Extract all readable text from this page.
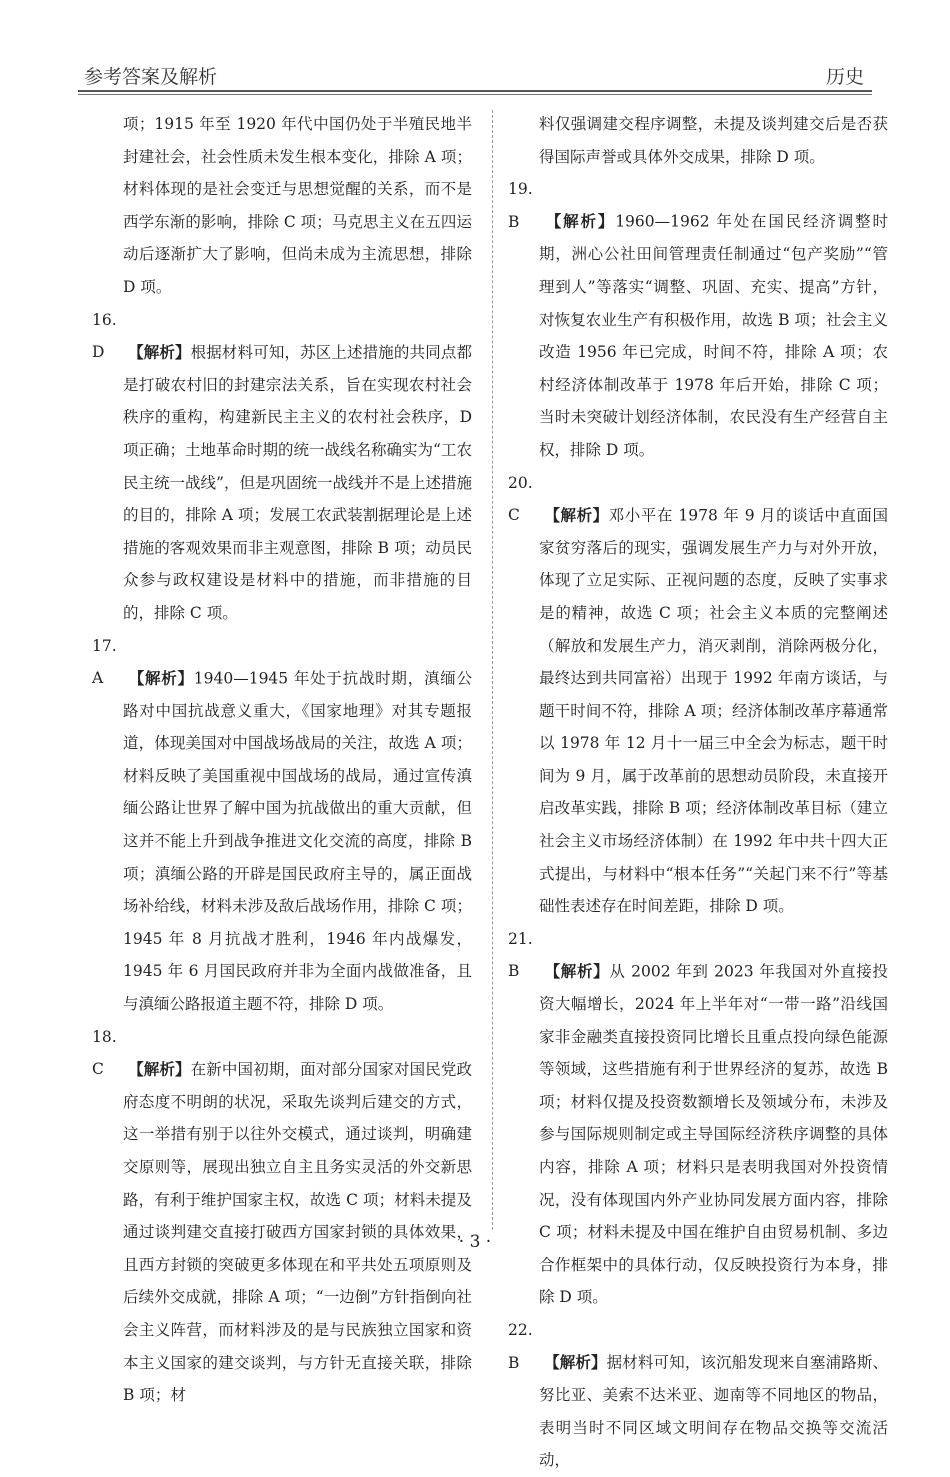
参考答案及解析	历史

项；1915 年至 1920 年代中国仍处于半殖民地半封建社会，社会性质未发生根本变化，排除 A 项；材料体现的是社会变迁与思想觉醒的关系，而不是西学东渐的影响，排除 C 项；马克思主义在五四运动后逐渐扩大了影响，但尚未成为主流思想，排除 D 项。

16. D 【解析】根据材料可知，苏区上述措施的共同点都是打破农村旧的封建宗法关系，旨在实现农村社会秩序的重构，构建新民主主义的农村社会秩序，D 项正确；土地革命时期的统一战线名称确实为“工农民主统一战线”，但是巩固统一战线并不是上述措施的目的，排除 A 项；发展工农武装割据理论是上述措施的客观效果而非主观意图，排除 B 项；动员民众参与政权建设是材料中的措施，而非措施的目的，排除 C 项。

17. A 【解析】1940—1945 年处于抗战时期，滇缅公路对中国抗战意义重大，《国家地理》对其专题报道，体现美国对中国战场战局的关注，故选 A 项；材料反映了美国重视中国战场的战局，通过宣传滇缅公路让世界了解中国为抗战做出的重大贡献，但这并不能上升到战争推进文化交流的高度，排除 B 项；滇缅公路的开辟是国民政府主导的，属正面战场补给线，材料未涉及敌后战场作用，排除 C 项；1945 年 8 月抗战才胜利，1946 年内战爆发，1945 年 6 月国民政府并非为全面内战做准备，且与滇缅公路报道主题不符，排除 D 项。

18. C 【解析】在新中国初期，面对部分国家对国民党政府态度不明朗的状况，采取先谈判后建交的方式，这一举措有别于以往外交模式，通过谈判，明确建交原则等，展现出独立自主且务实灵活的外交新思路，有利于维护国家主权，故选 C 项；材料未提及通过谈判建交直接打破西方国家封锁的具体效果，且西方封锁的突破更多体现在和平共处五项原则及后续外交成就，排除 A 项；“一边倒”方针指倒向社会主义阵营，而材料涉及的是与民族独立国家和资本主义国家的建交谈判，与方针无直接关联，排除 B 项；材

料仅强调建交程序调整，未提及谈判建交后是否获得国际声誉或具体外交成果，排除 D 项。

19. B 【解析】1960—1962 年处在国民经济调整时期，洲心公社田间管理责任制通过“包产奖励”“管理到人”等落实“调整、巩固、充实、提高”方针，对恢复农业生产有积极作用，故选 B 项；社会主义改造 1956 年已完成，时间不符，排除 A 项；农村经济体制改革于 1978 年后开始，排除 C 项；当时未突破计划经济体制，农民没有生产经营自主权，排除 D 项。

20. C 【解析】邓小平在 1978 年 9 月的谈话中直面国家贫穷落后的现实，强调发展生产力与对外开放，体现了立足实际、正视问题的态度，反映了实事求是的精神，故选 C 项；社会主义本质的完整阐述（解放和发展生产力，消灭剥削，消除两极分化，最终达到共同富裕）出现于 1992 年南方谈话，与题干时间不符，排除 A 项；经济体制改革序幕通常以 1978 年 12 月十一届三中全会为标志，题干时间为 9 月，属于改革前的思想动员阶段，未直接开启改革实践，排除 B 项；经济体制改革目标（建立社会主义市场经济体制）在 1992 年中共十四大正式提出，与材料中“根本任务”“关起门来不行”等基础性表述存在时间差距，排除 D 项。

21. B 【解析】从 2002 年到 2023 年我国对外直接投资大幅增长，2024 年上半年对“一带一路”沿线国家非金融类直接投资同比增长且重点投向绿色能源等领域，这些措施有利于世界经济的复苏，故选 B 项；材料仅提及投资数额增长及领域分布，未涉及参与国际规则制定或主导国际经济秩序调整的具体内容，排除 A 项；材料只是表明我国对外投资情况，没有体现国内外产业协同发展方面内容，排除 C 项；材料未提及中国在维护自由贸易机制、多边合作框架中的具体行动，仅反映投资行为本身，排除 D 项。

22. B 【解析】据材料可知，该沉船发现来自塞浦路斯、努比亚、美索不达米亚、迦南等不同地区的物品，表明当时不同区域文明间存在物品交换等交流活动，

· 3 ·
